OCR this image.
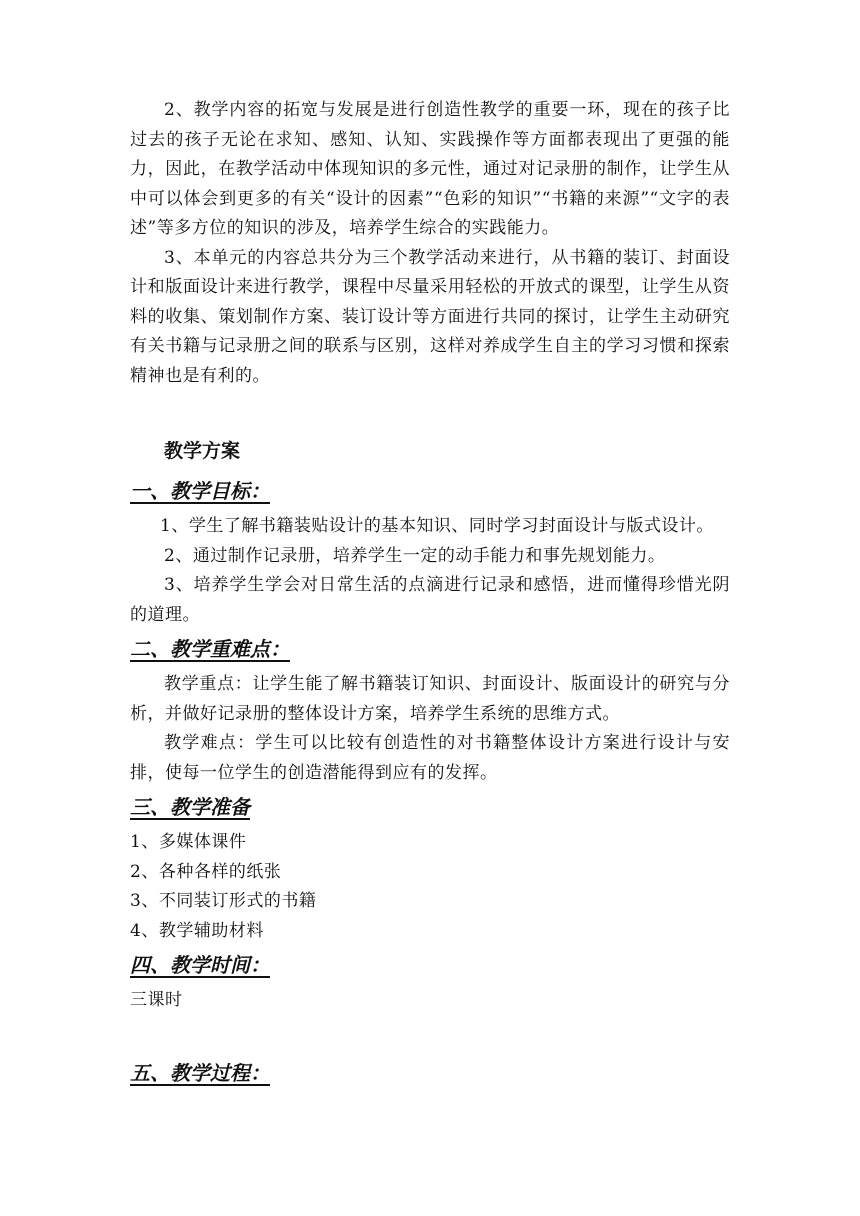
2、教学内容的拓宽与发展是进行创造性教学的重要一环，现在的孩子比过去的孩子无论在求知、感知、认知、实践操作等方面都表现出了更强的能力，因此，在教学活动中体现知识的多元性，通过对记录册的制作，让学生从中可以体会到更多的有关“设计的因素”“色彩的知识”“书籍的来源”“文字的表述”等多方位的知识的涉及，培养学生综合的实践能力。

3、本单元的内容总共分为三个教学活动来进行，从书籍的装订、封面设计和版面设计来进行教学，课程中尽量采用轻松的开放式的课型，让学生从资料的收集、策划制作方案、装订设计等方面进行共同的探讨，让学生主动研究有关书籍与记录册之间的联系与区别，这样对养成学生自主的学习习惯和探索精神也是有利的。

教学方案
一、教学目标：

1、学生了解书籍装贴设计的基本知识、同时学习封面设计与版式设计。

2、通过制作记录册，培养学生一定的动手能力和事先规划能力。

3、培养学生学会对日常生活的点滴进行记录和感悟，进而懂得珍惜光阴的道理。

二、教学重难点：

教学重点：让学生能了解书籍装订知识、封面设计、版面设计的研究与分析，并做好记录册的整体设计方案，培养学生系统的思维方式。

教学难点：学生可以比较有创造性的对书籍整体设计方案进行设计与安排，使每一位学生的创造潜能得到应有的发挥。

三、教学准备

1、多媒体课件

2、各种各样的纸张

3、不同装订形式的书籍

4、教学辅助材料

四、教学时间：

三课时

五、教学过程：
